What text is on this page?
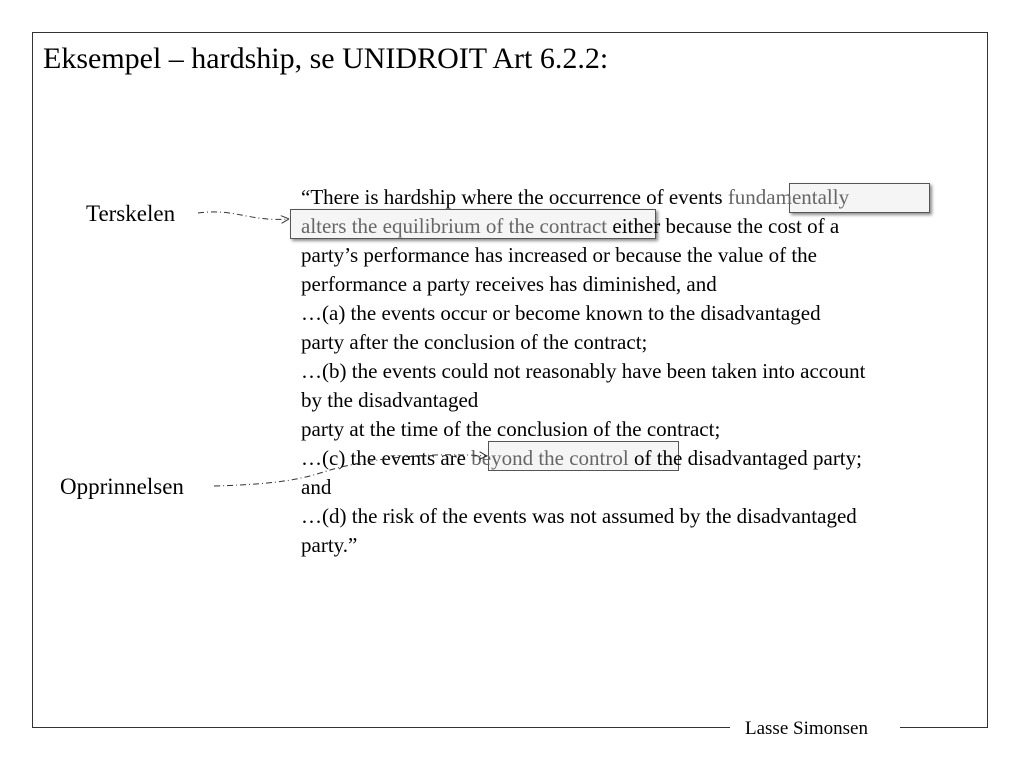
Lasse Simonsen
Eksempel – hardship, se UNIDROIT Art 6.2.2:
“There is hardship where the occurrence of events fundamentally
alters the equilibrium of the contract either because the cost of a
party’s performance has increased or because the value of the
performance a party receives has diminished, and
…(a) the events occur or become known to the disadvantaged
party after the conclusion of the contract;
…(b) the events could not reasonably have been taken into account
by the disadvantaged
party at the time of the conclusion of the contract;
…(c) the events are beyond the control of the disadvantaged party;
and
…(d) the risk of the events was not assumed by the disadvantaged
party.”
Terskelen
Opprinnelsen
